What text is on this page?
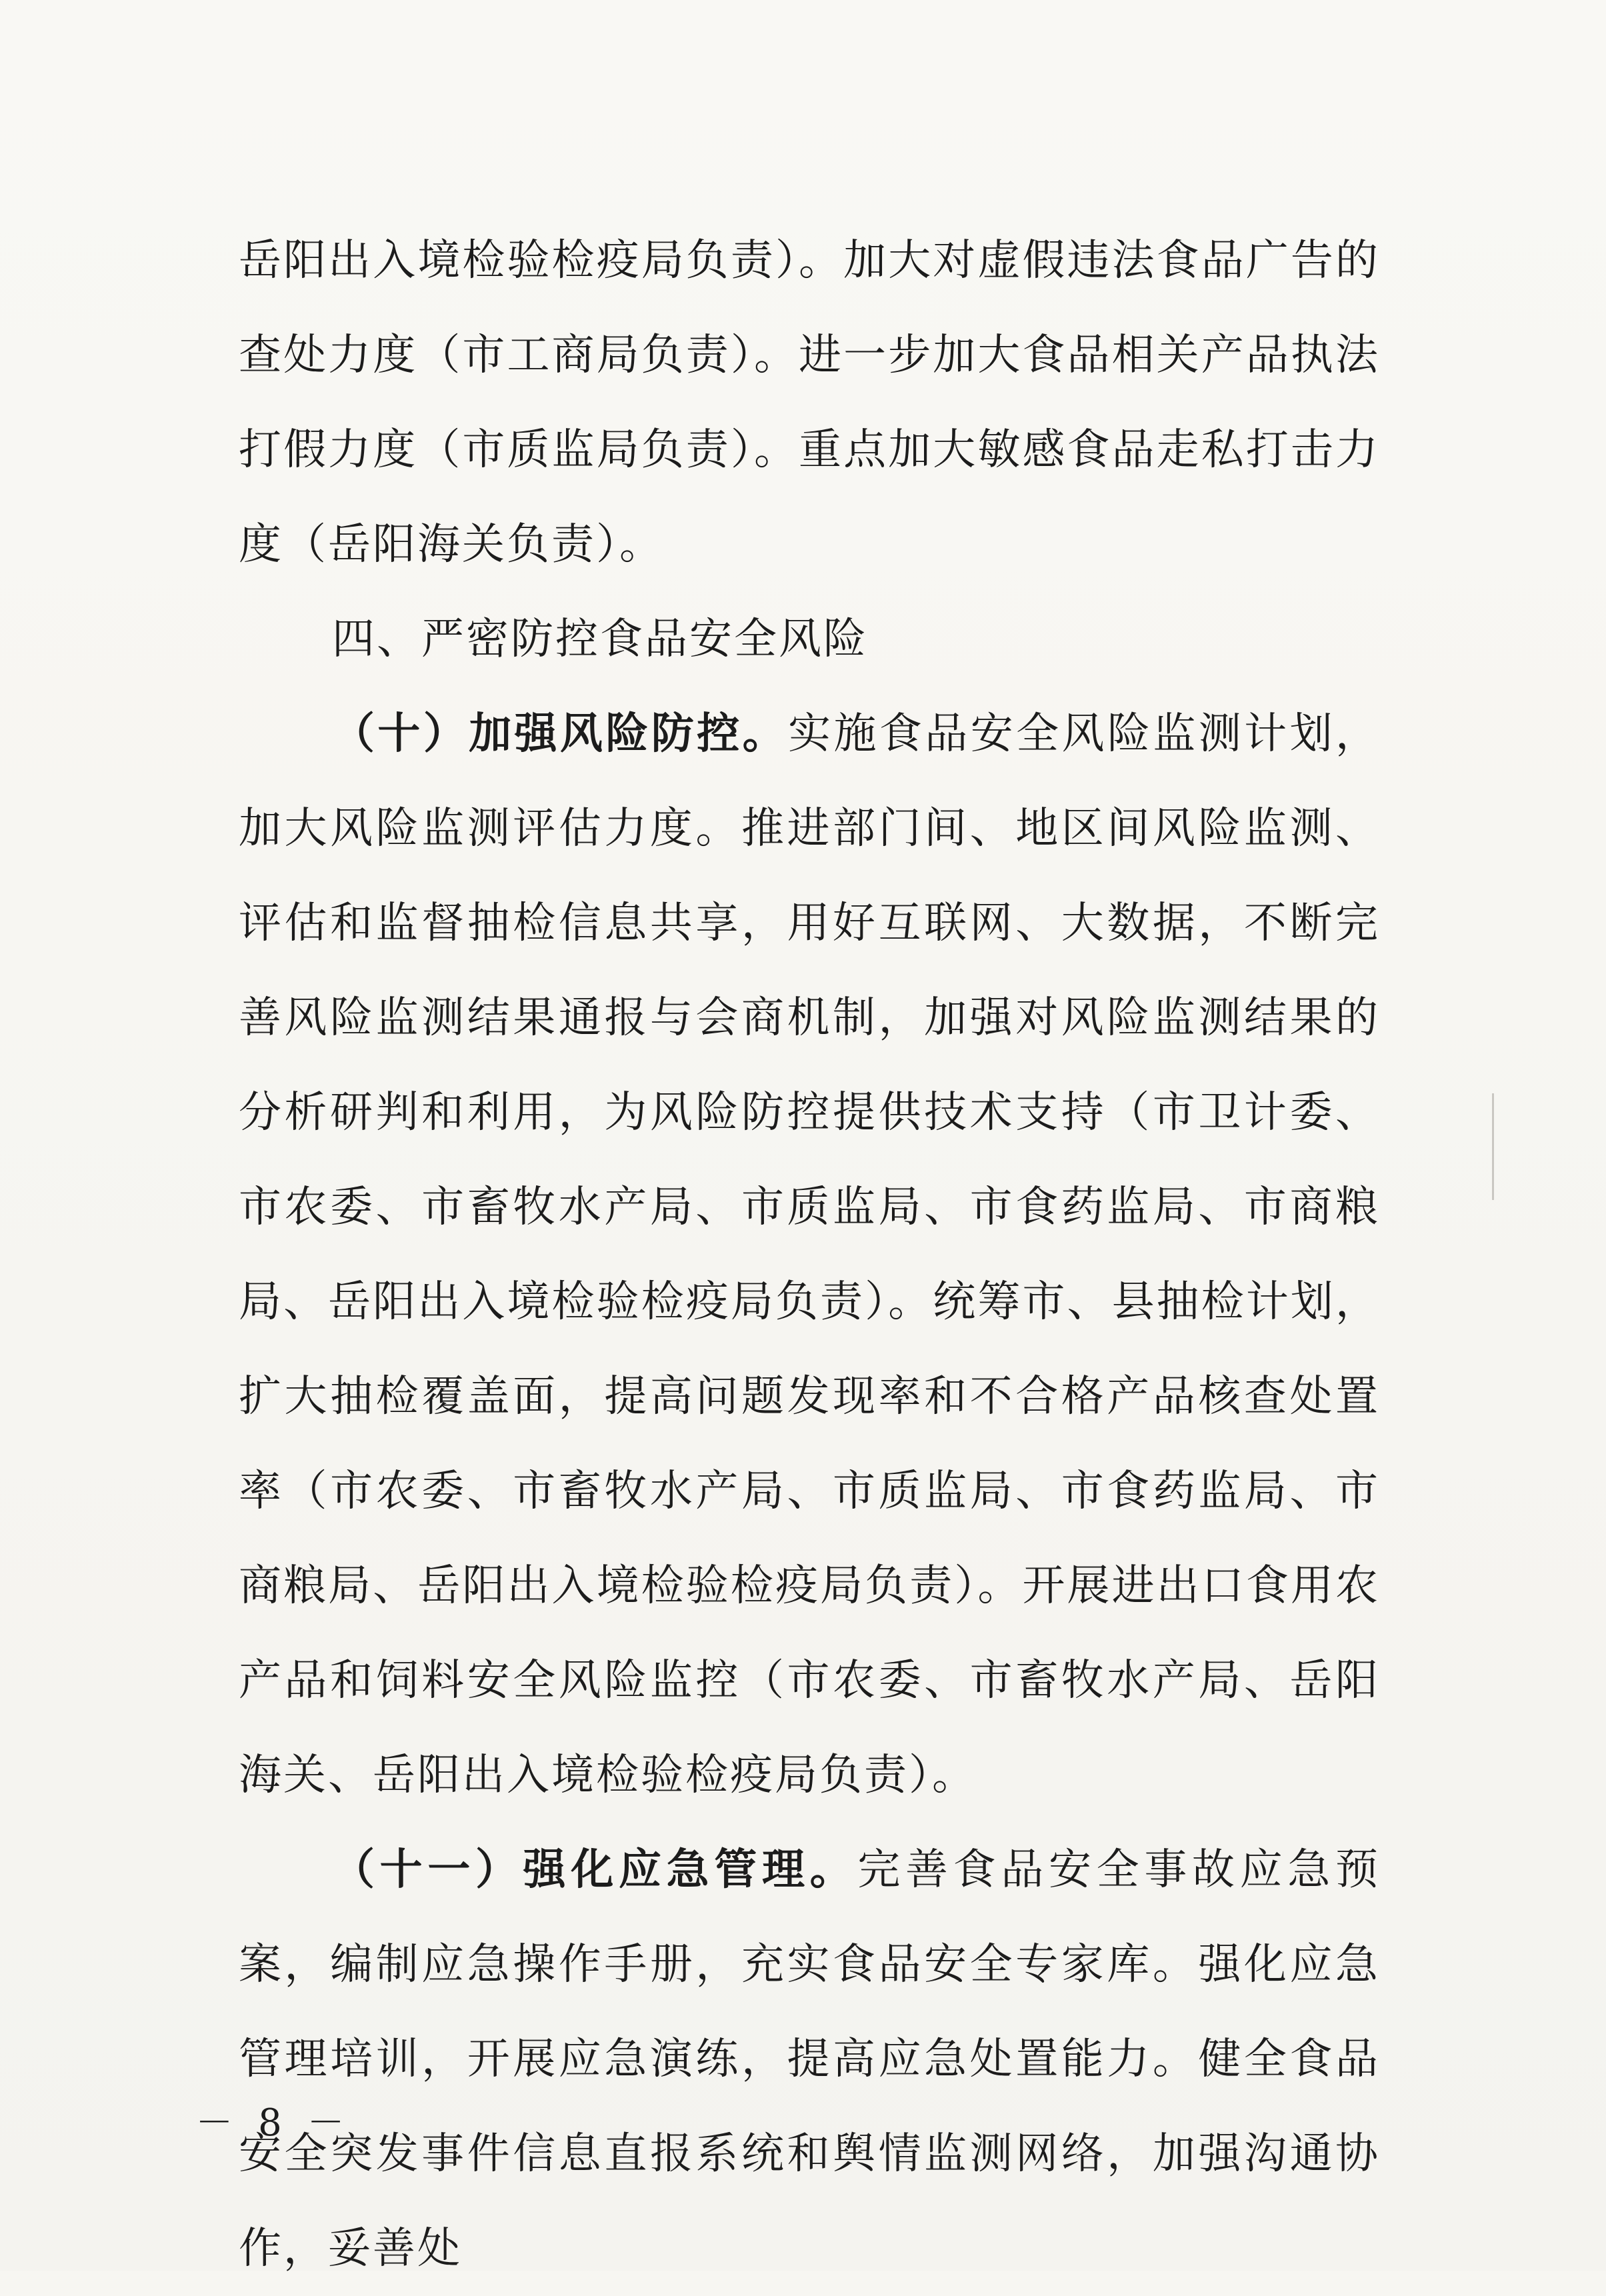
岳阳出入境检验检疫局负责）。加大对虚假违法食品广告的查处力度（市工商局负责）。进一步加大食品相关产品执法打假力度（市质监局负责）。重点加大敏感食品走私打击力度（岳阳海关负责）。

四、严密防控食品安全风险

（十）加强风险防控。实施食品安全风险监测计划，加大风险监测评估力度。推进部门间、地区间风险监测、评估和监督抽检信息共享，用好互联网、大数据，不断完善风险监测结果通报与会商机制，加强对风险监测结果的分析研判和利用，为风险防控提供技术支持（市卫计委、市农委、市畜牧水产局、市质监局、市食药监局、市商粮局、岳阳出入境检验检疫局负责）。统筹市、县抽检计划，扩大抽检覆盖面，提高问题发现率和不合格产品核查处置率（市农委、市畜牧水产局、市质监局、市食药监局、市商粮局、岳阳出入境检验检疫局负责）。开展进出口食用农产品和饲料安全风险监控（市农委、市畜牧水产局、岳阳海关、岳阳出入境检验检疫局负责）。

（十一）强化应急管理。完善食品安全事故应急预案，编制应急操作手册，充实食品安全专家库。强化应急管理培训，开展应急演练，提高应急处置能力。健全食品安全突发事件信息直报系统和舆情监测网络，加强沟通协作，妥善处

－ 8 －
